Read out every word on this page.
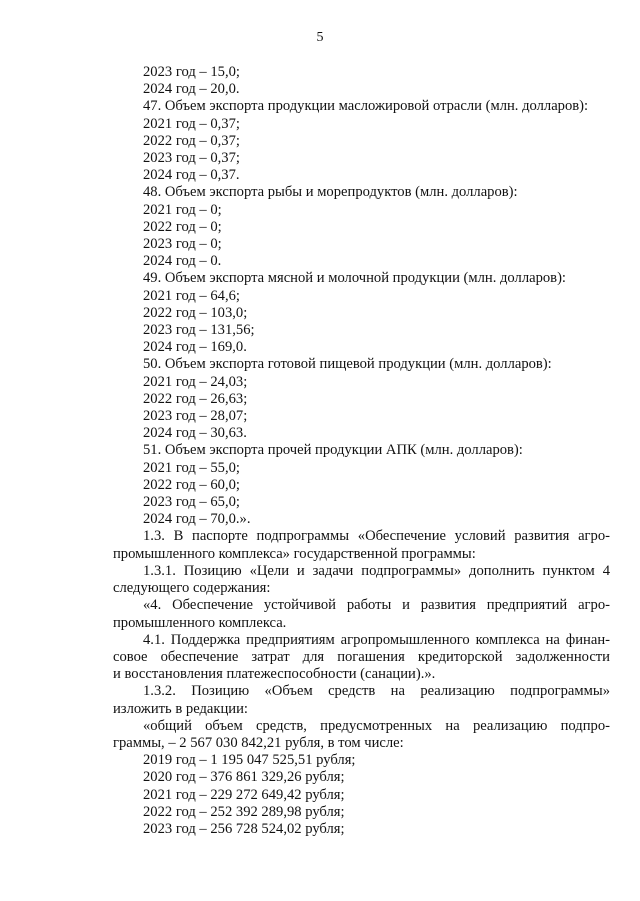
5
2023 год – 15,0;
2024 год – 20,0.
47. Объем экспорта продукции масложировой отрасли (млн. долларов):
2021 год – 0,37;
2022 год – 0,37;
2023 год – 0,37;
2024 год – 0,37.
48. Объем экспорта рыбы и морепродуктов (млн. долларов):
2021 год – 0;
2022 год – 0;
2023 год – 0;
2024 год – 0.
49. Объем экспорта мясной и молочной продукции (млн. долларов):
2021 год – 64,6;
2022 год – 103,0;
2023 год – 131,56;
2024 год – 169,0.
50. Объем экспорта готовой пищевой продукции (млн. долларов):
2021 год – 24,03;
2022 год – 26,63;
2023 год – 28,07;
2024 год – 30,63.
51. Объем экспорта прочей продукции АПК (млн. долларов):
2021 год – 55,0;
2022 год – 60,0;
2023 год – 65,0;
2024 год – 70,0.».
1.3. В паспорте подпрограммы «Обеспечение условий развития агро-
промышленного комплекса» государственной программы:
1.3.1. Позицию «Цели и задачи подпрограммы» дополнить пунктом 4
следующего содержания:
«4. Обеспечение устойчивой работы и развития предприятий агро-
промышленного комплекса.
4.1. Поддержка предприятиям агропромышленного комплекса на финан-
совое обеспечение затрат для погашения кредиторской задолженности
и восстановления платежеспособности (санации).».
1.3.2. Позицию «Объем средств на реализацию подпрограммы»
изложить в редакции:
«общий объем средств, предусмотренных на реализацию подпро-
граммы, – 2 567 030 842,21 рубля, в том числе:
2019 год – 1 195 047 525,51 рубля;
2020 год – 376 861 329,26 рубля;
2021 год – 229 272 649,42 рубля;
2022 год – 252 392 289,98 рубля;
2023 год – 256 728 524,02 рубля;
